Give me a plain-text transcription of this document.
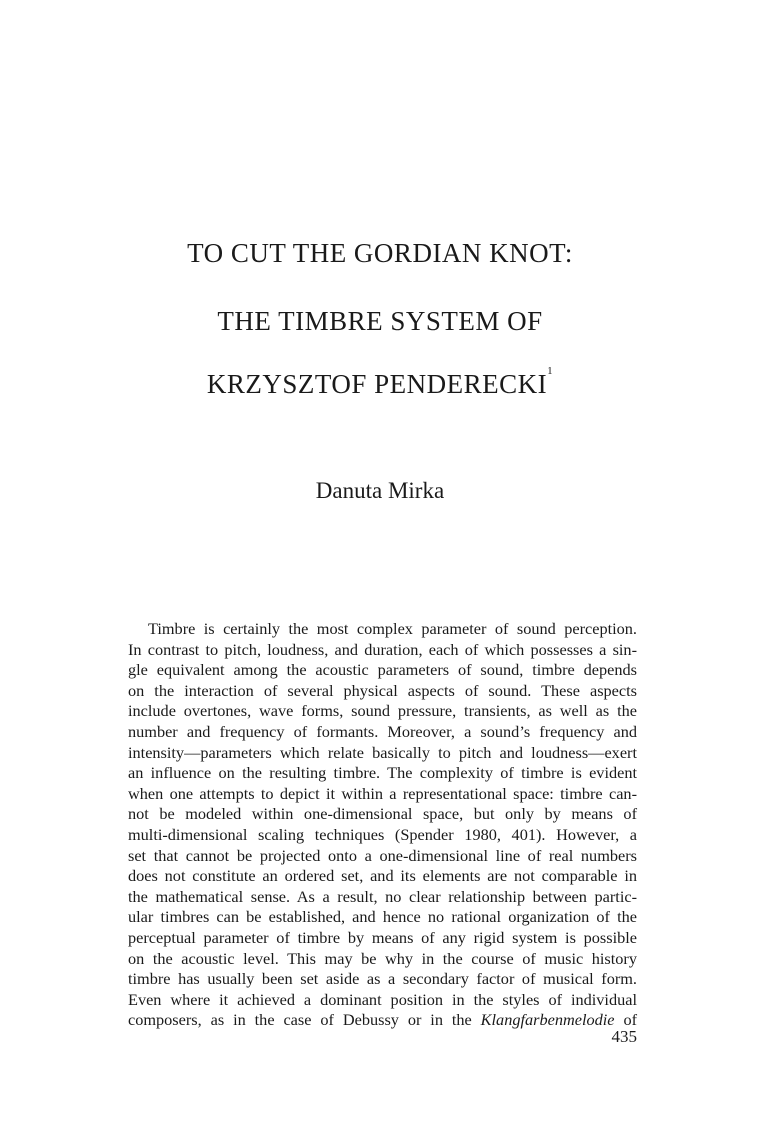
TO CUT THE GORDIAN KNOT:
THE TIMBRE SYSTEM OF
KRZYSZTOF PENDERECKI$^1$

Danuta Mirka

Timbre is certainly the most complex parameter of sound perception.
In contrast to pitch, loudness, and duration, each of which possesses a sin-
gle equivalent among the acoustic parameters of sound, timbre depends
on the interaction of several physical aspects of sound. These aspects
include overtones, wave forms, sound pressure, transients, as well as the
number and frequency of formants. Moreover, a sound’s frequency and
intensity—parameters which relate basically to pitch and loudness—exert
an influence on the resulting timbre. The complexity of timbre is evident
when one attempts to depict it within a representational space: timbre can-
not be modeled within one-dimensional space, but only by means of
multi-dimensional scaling techniques (Spender 1980, 401). However, a
set that cannot be projected onto a one-dimensional line of real numbers
does not constitute an ordered set, and its elements are not comparable in
the mathematical sense. As a result, no clear relationship between partic-
ular timbres can be established, and hence no rational organization of the
perceptual parameter of timbre by means of any rigid system is possible
on the acoustic level. This may be why in the course of music history
timbre has usually been set aside as a secondary factor of musical form.
Even where it achieved a dominant position in the styles of individual
composers, as in the case of Debussy or in the Klangfarbenmelodie of
435
